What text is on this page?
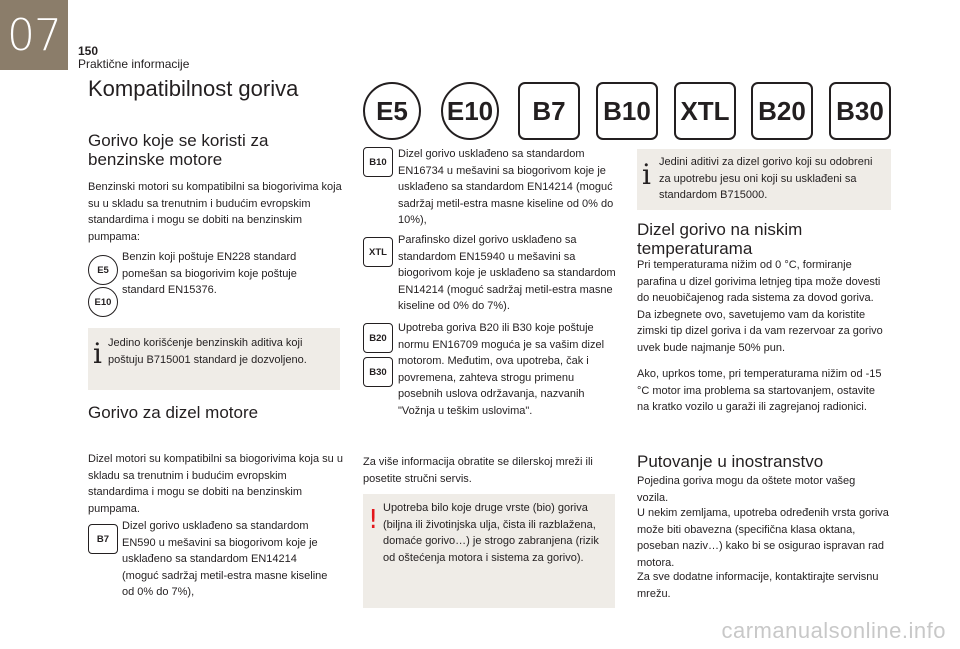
07	150
Praktične informacije
Kompatibilnost goriva
E5	E10	B7	B10 XTL B20 B30
Gorivo koje se koristi za benzinske motore

Benzinski motori su kompatibilni sa biogorivima koja su u skladu sa trenutnim i budućim evropskim standardima i mogu se dobiti na benzinskim pumpama:

E5
E10

Benzin koji poštuje EN228 standard pomešan sa biogorivim koje poštuje standard EN15376.

i Jedino korišćenje benzinskih aditiva koji poštuju B715001 standard je dozvoljeno.

Gorivo za dizel motore

Dizel motori su kompatibilni sa biogorivima koja su u skladu sa trenutnim i budućim evropskim standardima i mogu se dobiti na benzinskim pumpama.

B7

Dizel gorivo usklađeno sa standardom EN590 u mešavini sa biogorivom koje je usklađeno sa standardom EN14214 (moguć sadržaj metil-estra masne kiseline od 0% do 7%),

B10

Dizel gorivo usklađeno sa standardom EN16734 u mešavini sa biogorivom koje je usklađeno sa standardom EN14214 (moguć sadržaj metil-estra masne kiseline od 0% do 10%),

XTL

Parafinsko dizel gorivo usklađeno sa standardom EN15940 u mešavini sa biogorivom koje je usklađeno sa standardom EN14214 (moguć sadržaj metil-estra masne kiseline od 0% do 7%).

B20
B30

Upotreba goriva B20 ili B30 koje poštuje normu EN16709 moguća je sa vašim dizel motorom. Međutim, ova upotreba, čak i povremena, zahteva strogu primenu posebnih uslova održavanja, nazvanih "Vožnja u teškim uslovima".

Za više informacija obratite se dilerskoj mreži ili posetite stručni servis.

! Upotreba bilo koje druge vrste (bio) goriva (biljna ili životinjska ulja, čista ili razblažena, domaće gorivo…) je strogo zabranjena (rizik od oštećenja motora i sistema za gorivo).

i Jedini aditivi za dizel gorivo koji su odobreni za upotrebu jesu oni koji su usklađeni sa standardom B715000.

Dizel gorivo na niskim temperaturama

Pri temperaturama nižim od 0 °C, formiranje parafina u dizel gorivima letnjeg tipa može dovesti do neuobičajenog rada sistema za dovod goriva. Da izbegnete ovo, savetujemo vam da koristite zimski tip dizel goriva i da vam rezervoar za gorivo uvek bude najmanje 50% pun.

Ako, uprkos tome, pri temperaturama nižim od -15 °C motor ima problema sa startovanjem, ostavite na kratko vozilo u garaži ili zagrejanoj radionici.

Putovanje u inostranstvo

Pojedina goriva mogu da oštete motor vašeg vozila.

U nekim zemljama, upotreba određenih vrsta goriva može biti obavezna (specifična klasa oktana, poseban naziv…) kako bi se osigurao ispravan rad motora.

Za sve dodatne informacije, kontaktirajte servisnu mrežu.

carmanualsonline.info
